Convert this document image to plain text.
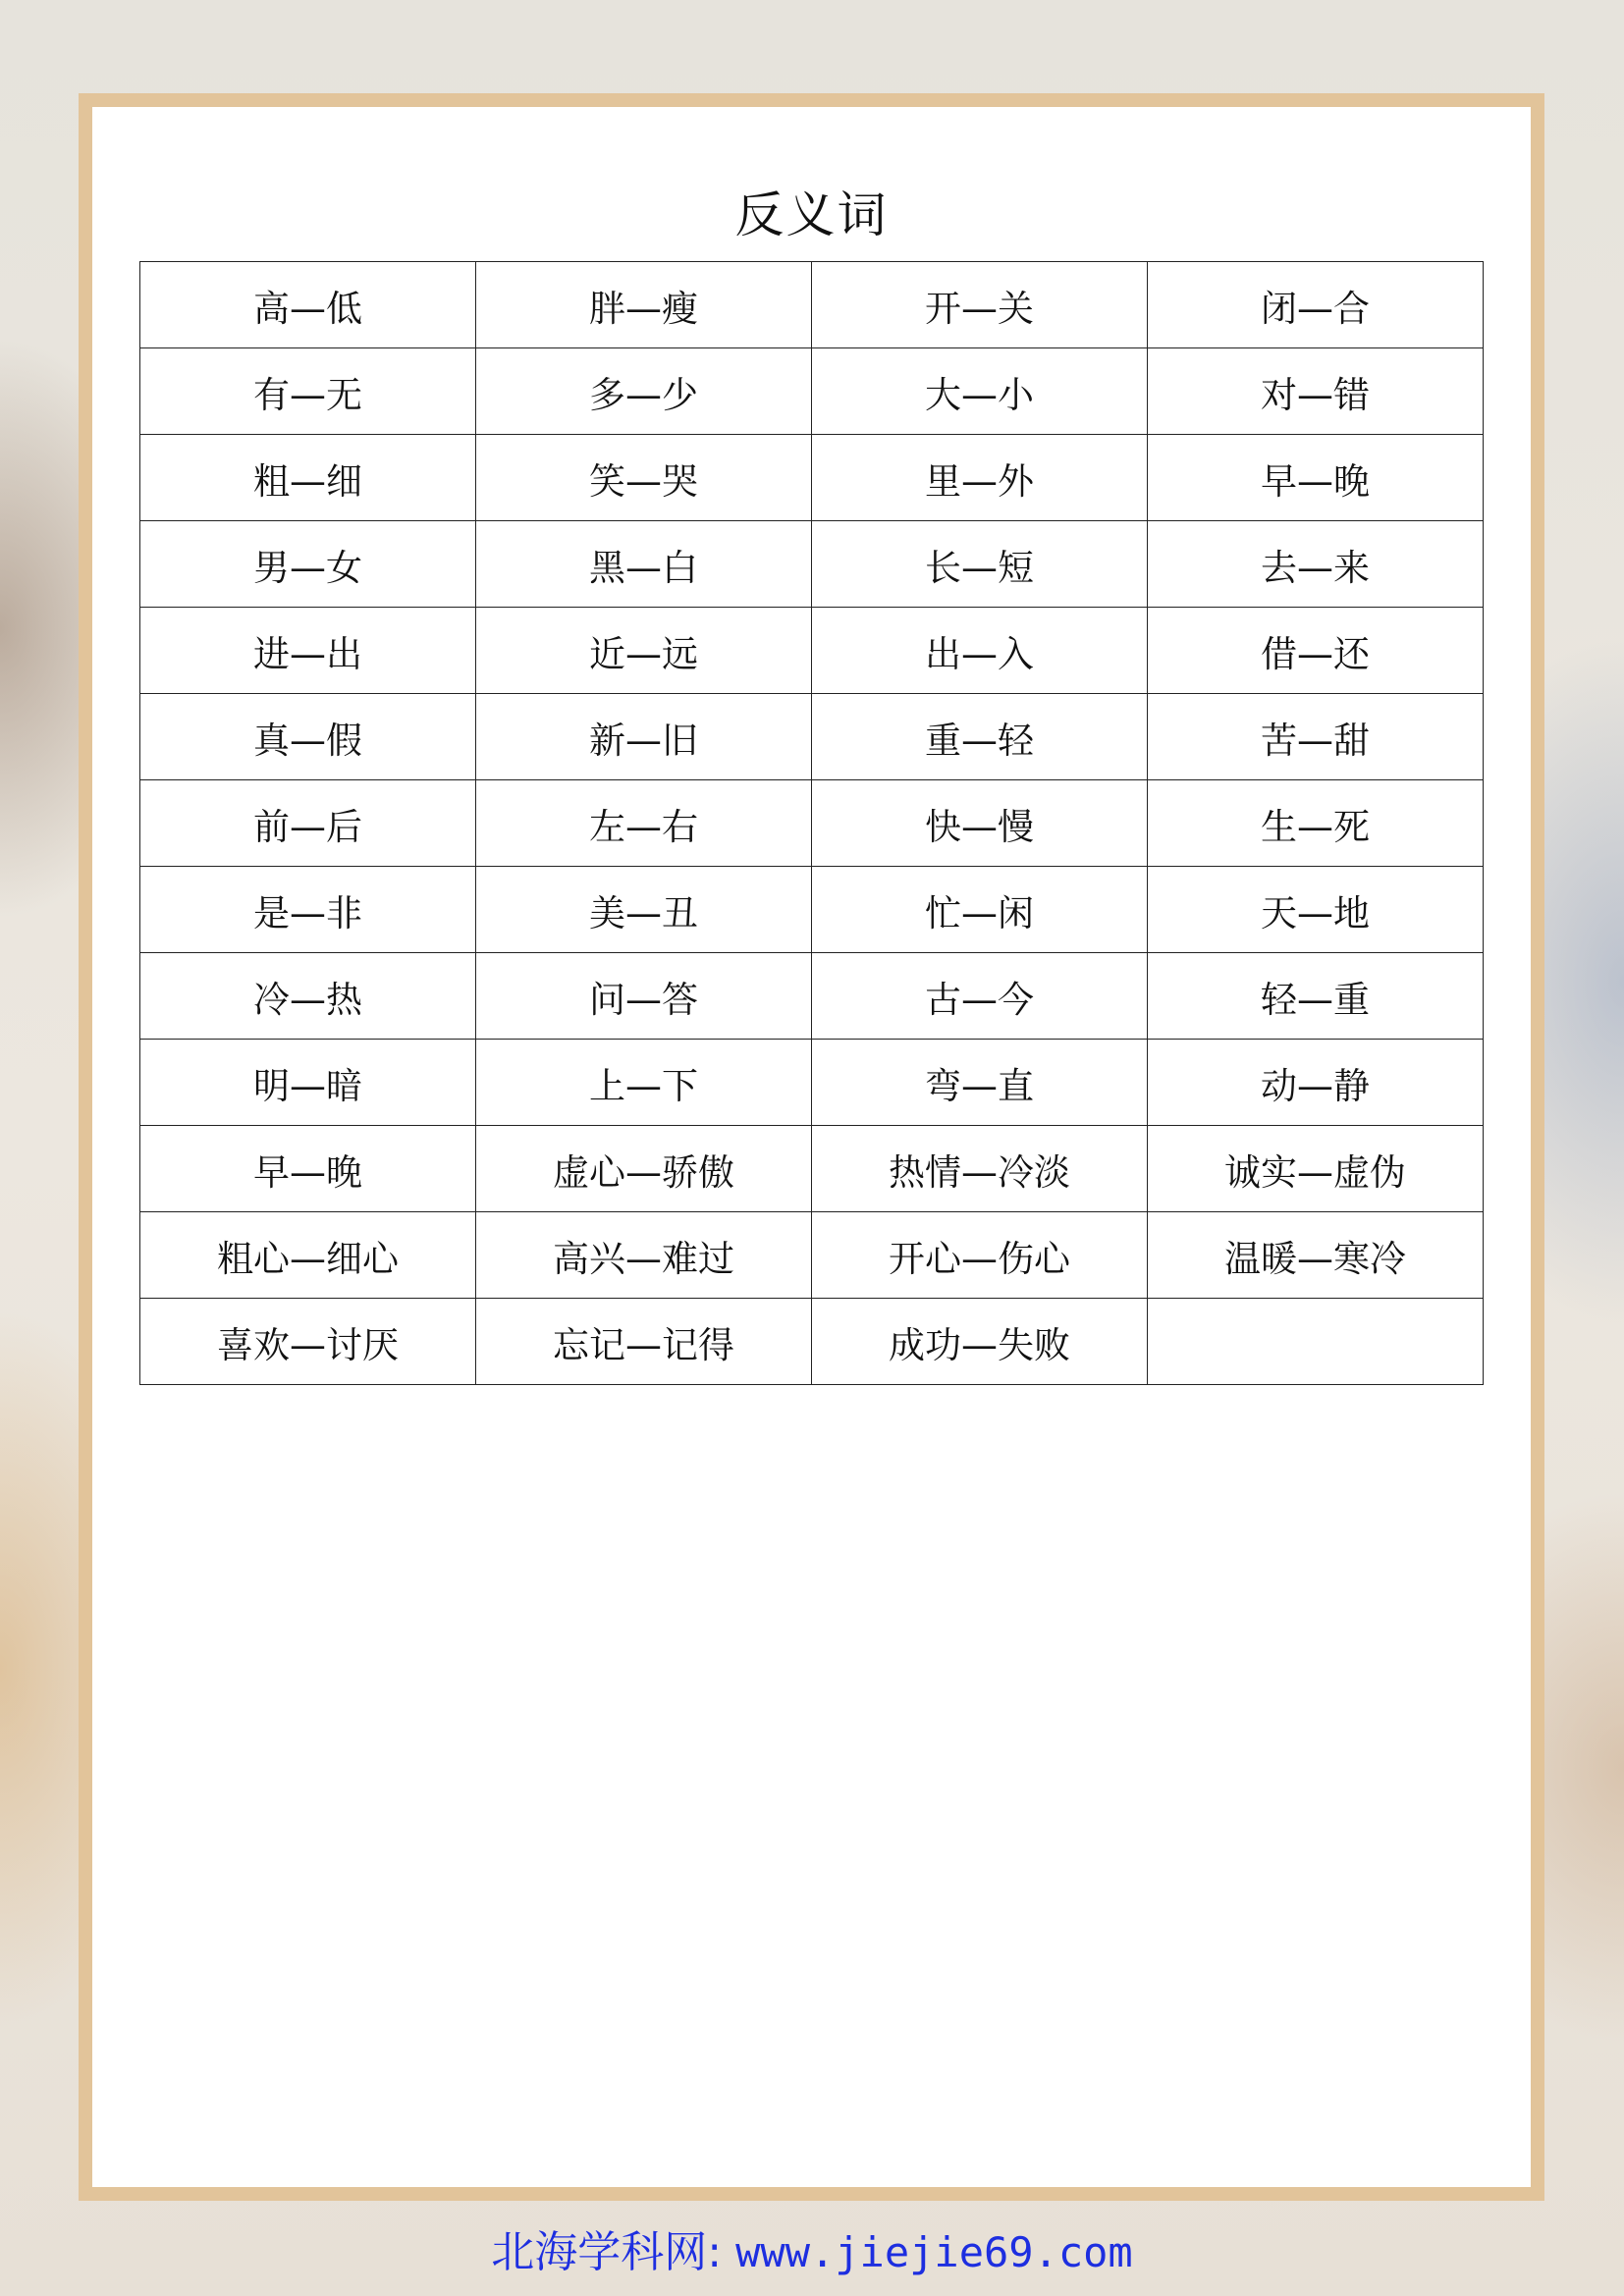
反义词
高—低	胖—瘦	开—关	闭—合
有—无	多—少	大—小	对—错
粗—细	笑—哭	里—外	早—晚
男—女	黑—白	长—短	去—来
进—出	近—远	出—入	借—还
真—假	新—旧	重—轻	苦—甜
前—后	左—右	快—慢	生—死
是—非	美—丑	忙—闲	天—地
冷—热	问—答	古—今	轻—重
明—暗	上—下	弯—直	动—静
早—晚	虚心—骄傲	热情—冷淡	诚实—虚伪
粗心—细心	高兴—难过	开心—伤心	温暖—寒冷
喜欢—讨厌	忘记—记得	成功—失败	
北海学科网: www.jiejie69.com
